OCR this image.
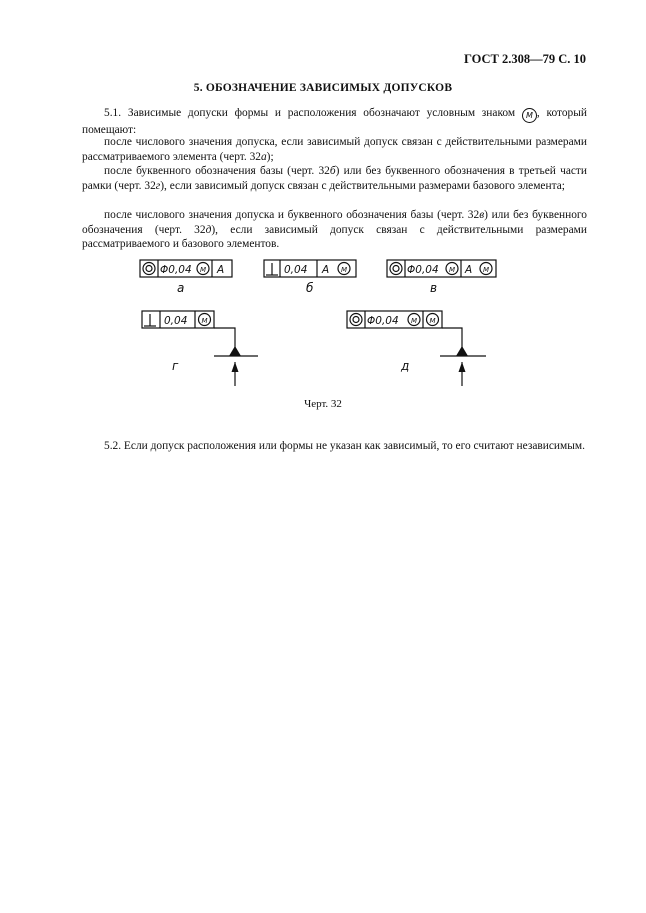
ГОСТ 2.308—79 С. 10
5. ОБОЗНАЧЕНИЕ ЗАВИСИМЫХ ДОПУСКОВ
5.1. Зависимые допуски формы и расположения обозначают условным знаком M , который помещают:
после числового значения допуска, если зависимый допуск связан с действительными размерами рассматриваемого элемента (черт. 32а);
после буквенного обозначения базы (черт. 32б) или без буквенного обозначения в третьей части рамки (черт. 32г), если зависимый допуск связан с действительными размерами базового элемента;
после числового значения допуска и буквенного обозначения базы (черт. 32в) или без буквенного обозначения (черт. 32д), если зависимый допуск связан с действительными размерами рассматриваемого и базового элементов.
Φ0,04 M A
а
0,04 A M
б
Φ0,04 M A M
в
0,04 M
г
Φ0,04 M M
д
Черт. 32
5.2. Если допуск расположения или формы не указан как зависимый, то его считают независимым.
